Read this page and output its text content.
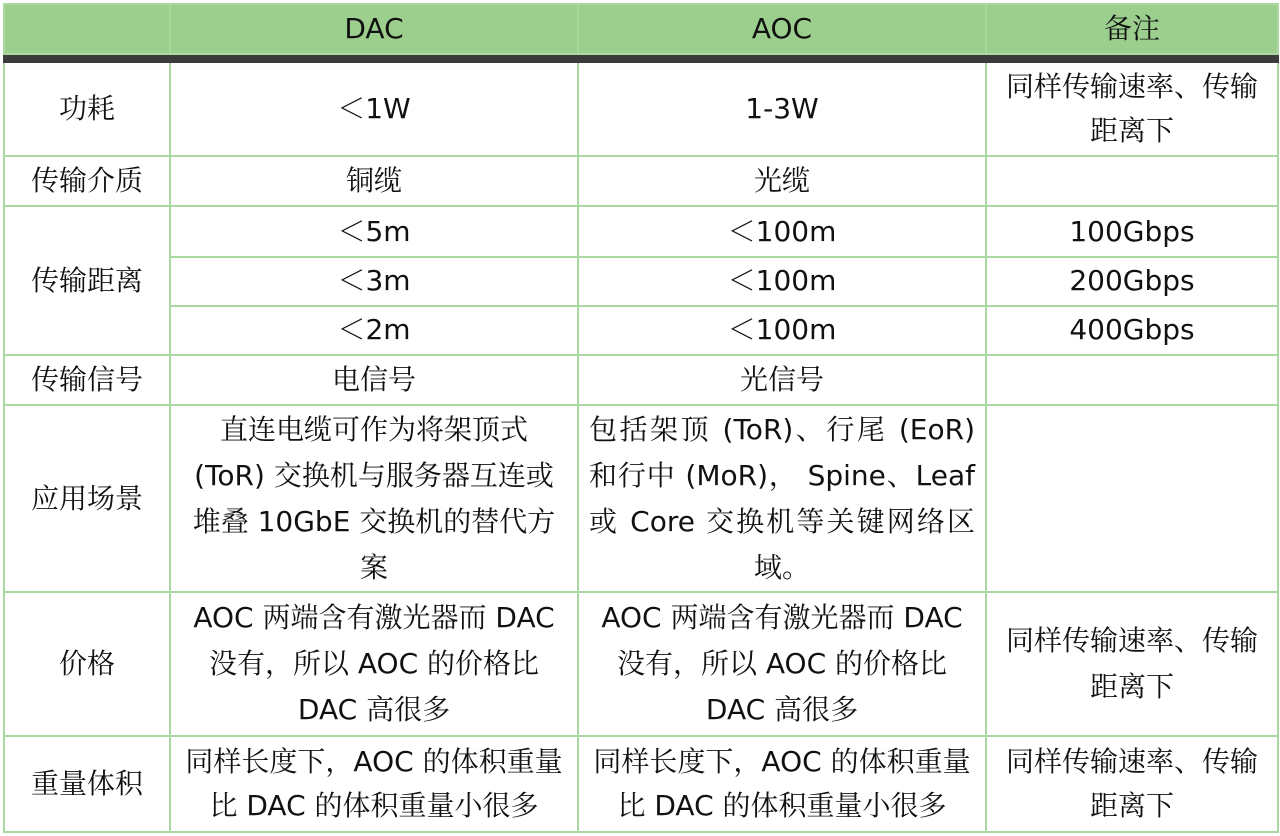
	DAC	AOC	备注

功耗	＜1W	1-3W	同样传输速率、传输距离下
传输介质	铜缆	光缆	
传输距离	＜5m	＜100m	100Gbps
	＜3m	＜100m	200Gbps
	＜2m	＜100m	400Gbps
传输信号	电信号	光信号	
应用场景	直连电缆可作为将架顶式 (ToR) 交换机与服务器互连或堆叠 10GbE 交换机的替代方案	包括架顶 (ToR)、行尾 (EoR) 和行中 (MoR)， Spine、Leaf 或 Core 交换机等关键网络区域。	
价格	AOC 两端含有激光器而 DAC 没有，所以 AOC 的价格比 DAC 高很多	AOC 两端含有激光器而 DAC 没有，所以 AOC 的价格比 DAC 高很多	同样传输速率、传输距离下
重量体积	同样长度下，AOC 的体积重量比 DAC 的体积重量小很多	同样长度下，AOC 的体积重量比 DAC 的体积重量小很多	同样传输速率、传输距离下
